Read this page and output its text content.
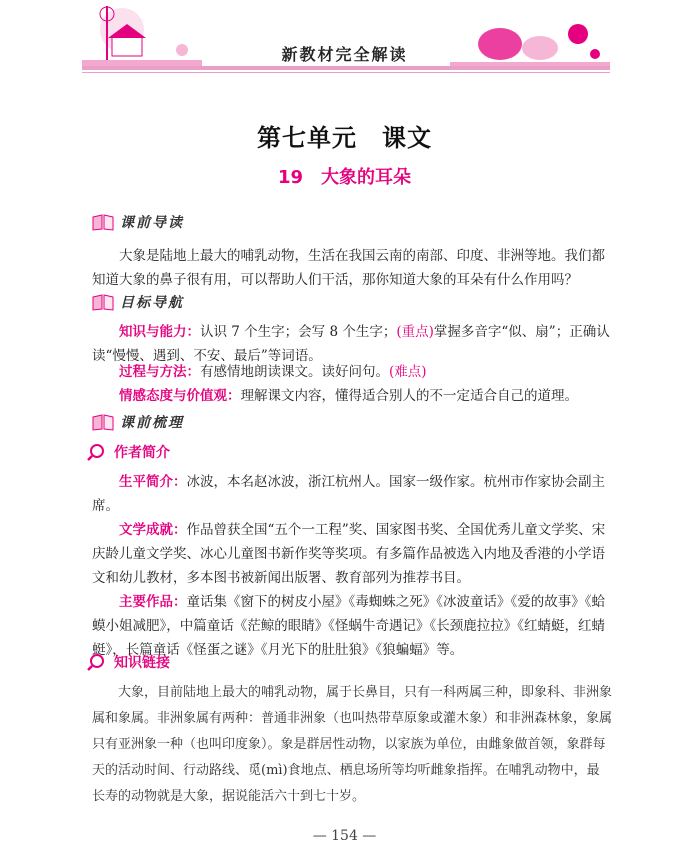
新教材完全解读
第七单元　课文
19　大象的耳朵
课前导读
大象是陆地上最大的哺乳动物，生活在我国云南的南部、印度、非洲等地。我们都知道大象的鼻子很有用，可以帮助人们干活，那你知道大象的耳朵有什么作用吗？
目标导航
知识与能力：认识 7 个生字；会写 8 个生字；(重点)掌握多音字“似、扇”；正确认读“慢慢、遇到、不安、最后”等词语。
过程与方法：有感情地朗读课文。读好问句。(难点)
情感态度与价值观：理解课文内容，懂得适合别人的不一定适合自己的道理。
课前梳理
作者简介
生平简介：冰波，本名赵冰波，浙江杭州人。国家一级作家。杭州市作家协会副主席。
文学成就：作品曾获全国“五个一工程”奖、国家图书奖、全国优秀儿童文学奖、宋庆龄儿童文学奖、冰心儿童图书新作奖等奖项。有多篇作品被选入内地及香港的小学语文和幼儿教材，多本图书被新闻出版署、教育部列为推荐书目。
主要作品：童话集《窗下的树皮小屋》《毒蜘蛛之死》《冰波童话》《爱的故事》《蛤蟆小姐减肥》，中篇童话《茫鲸的眼睛》《怪蜗牛奇遇记》《长颈鹿拉拉》《红蜻蜓，红蜻蜓》，长篇童话《怪蛋之谜》《月光下的肚肚狼》《狼蝙蝠》等。
知识链接
大象，目前陆地上最大的哺乳动物，属于长鼻目，只有一科两属三种，即象科、非洲象属和象属。非洲象属有两种：普通非洲象（也叫热带草原象或灌木象）和非洲森林象，象属只有亚洲象一种（也叫印度象）。象是群居性动物，以家族为单位，由雌象做首领，象群每天的活动时间、行动路线、觅(mì)食地点、栖息场所等均听雌象指挥。在哺乳动物中，最长寿的动物就是大象，据说能活六十到七十岁。
— 154 —
